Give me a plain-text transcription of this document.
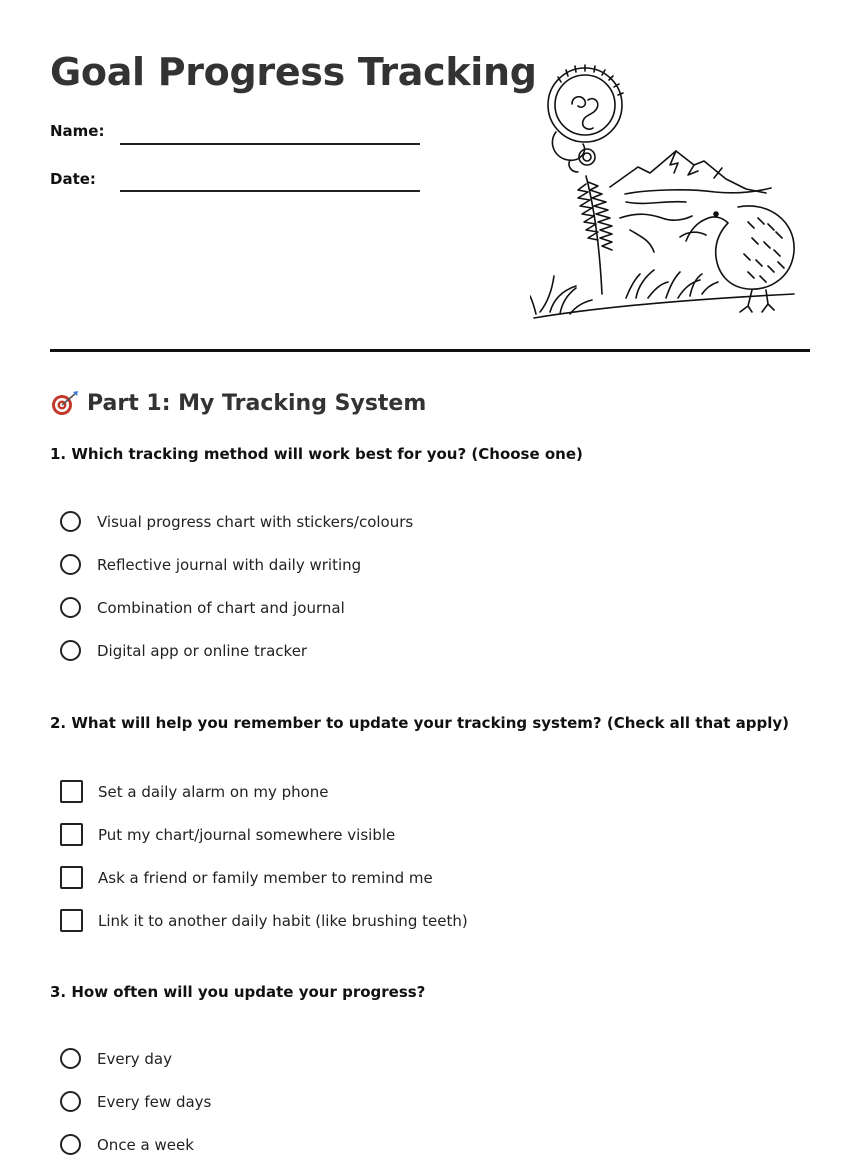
Goal Progress Tracking
Name:
Date:
Part 1: My Tracking System
1. Which tracking method will work best for you? (Choose one)
Visual progress chart with stickers/colours
Reflective journal with daily writing
Combination of chart and journal
Digital app or online tracker
2. What will help you remember to update your tracking system? (Check all that apply)
Set a daily alarm on my phone
Put my chart/journal somewhere visible
Ask a friend or family member to remind me
Link it to another daily habit (like brushing teeth)
3. How often will you update your progress?
Every day
Every few days
Once a week
